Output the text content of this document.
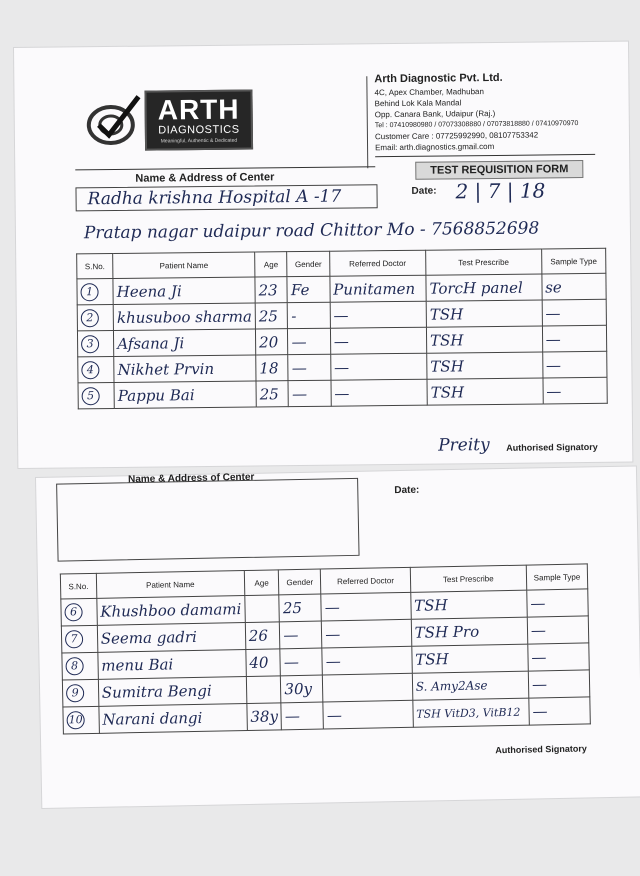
ARTH
DIAGNOSTICS
Meaningful, Authentic & Dedicated
Arth Diagnostic Pvt. Ltd.
4C, Apex Chamber, Madhuban
Behind Lok Kala Mandal
Opp. Canara Bank, Udaipur (Raj.)
Tel : 07410980980 / 07073308880 / 07073818880 / 07410970970
Customer Care : 07725992990, 08107753342
Email: arth.diagnostics.gmail.com
Name & Address of Center
TEST REQUISITION FORM
Radha krishna Hospital A -17	Date: 2 | 7 | 18
Pratap nagar udaipur road Chittor Mo - 7568852698
S.No.	Patient Name	Age	Gender	Referred Doctor	Test Prescribe	Sample Type
1	Heena Ji	23	Fe	Punitamen	TorcH panel	se
2	khusuboo sharma	25	-	—	TSH	—
3	Afsana Ji	20	—	—	TSH	—
4	Nikhet Prvin	18	—	—	TSH	—
5	Pappu Bai	25	—	—	TSH	—
Preity Authorised Signatory
Name & Address of Center
Date:
S.No.	Patient Name	Age	Gender	Referred Doctor	Test Prescribe	Sample Type
6	Khushboo damami		25	—	TSH	—
7	Seema gadri	26	—	—	TSH Pro	—
8	menu Bai	40	—	—	TSH	—
9	Sumitra Bengi		30y		S. Amy2Ase	—
10	Narani dangi	38y	—	—	TSH VitD3, VitB12	—
Authorised Signatory
